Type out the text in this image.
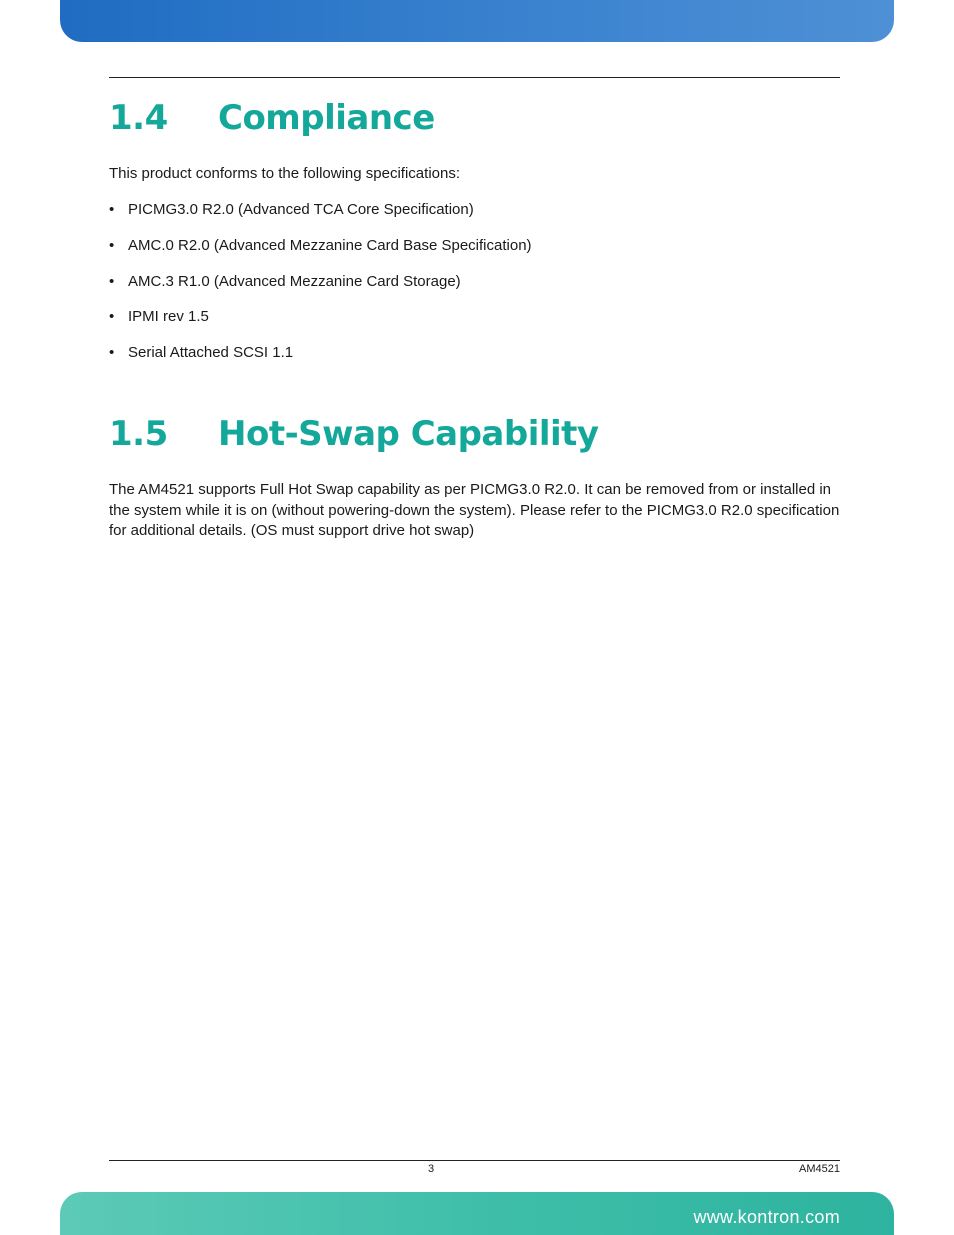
1.4 Compliance

This product conforms to the following specifications:

• PICMG3.0 R2.0 (Advanced TCA Core Specification)
• AMC.0 R2.0 (Advanced Mezzanine Card Base Specification)
• AMC.3 R1.0 (Advanced Mezzanine Card Storage)
• IPMI rev 1.5
• Serial Attached SCSI 1.1
1.5 Hot-Swap Capability

The AM4521 supports Full Hot Swap capability as per PICMG3.0 R2.0. It can be removed from or installed in the system while it is on (without powering-down the system). Please refer to the PICMG3.0 R2.0 specification for additional details. (OS must support drive hot swap)

3	AM4521
www.kontron.com
